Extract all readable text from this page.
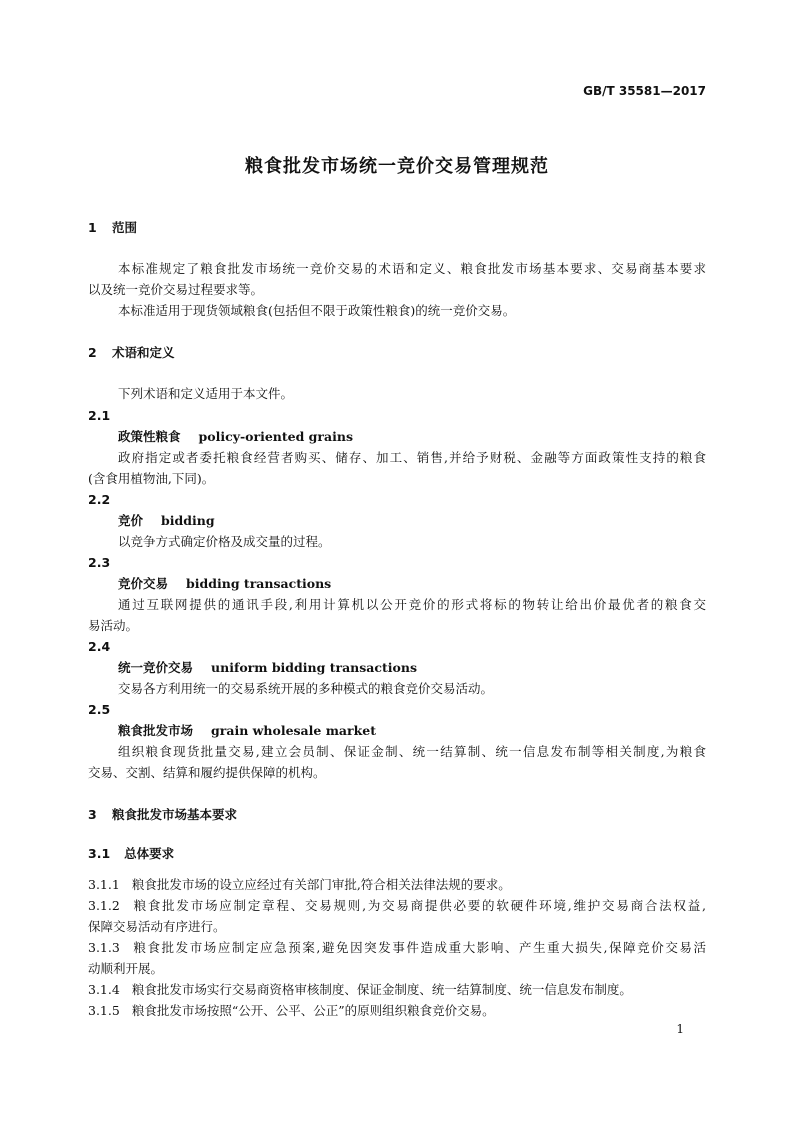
GB/T 35581—2017
粮食批发市场统一竞价交易管理规范
1 范围
本标准规定了粮食批发市场统一竞价交易的术语和定义、粮食批发市场基本要求、交易商基本要求
以及统一竞价交易过程要求等。
本标准适用于现货领域粮食(包括但不限于政策性粮食)的统一竞价交易。
2 术语和定义
下列术语和定义适用于本文件。
2.1
政策性粮食 policy-oriented grains
政府指定或者委托粮食经营者购买、储存、加工、销售,并给予财税、金融等方面政策性支持的粮食
(含食用植物油,下同)。
2.2
竞价 bidding
以竞争方式确定价格及成交量的过程。
2.3
竞价交易 bidding transactions
通过互联网提供的通讯手段,利用计算机以公开竞价的形式将标的物转让给出价最优者的粮食交
易活动。
2.4
统一竞价交易 uniform bidding transactions
交易各方利用统一的交易系统开展的多种模式的粮食竞价交易活动。
2.5
粮食批发市场 grain wholesale market
组织粮食现货批量交易,建立会员制、保证金制、统一结算制、统一信息发布制等相关制度,为粮食
交易、交割、结算和履约提供保障的机构。
3 粮食批发市场基本要求
3.1 总体要求
3.1.1 粮食批发市场的设立应经过有关部门审批,符合相关法律法规的要求。
3.1.2 粮食批发市场应制定章程、交易规则,为交易商提供必要的软硬件环境,维护交易商合法权益,
保障交易活动有序进行。
3.1.3 粮食批发市场应制定应急预案,避免因突发事件造成重大影响、产生重大损失,保障竞价交易活
动顺利开展。
3.1.4 粮食批发市场实行交易商资格审核制度、保证金制度、统一结算制度、统一信息发布制度。
3.1.5 粮食批发市场按照“公开、公平、公正”的原则组织粮食竞价交易。
1
